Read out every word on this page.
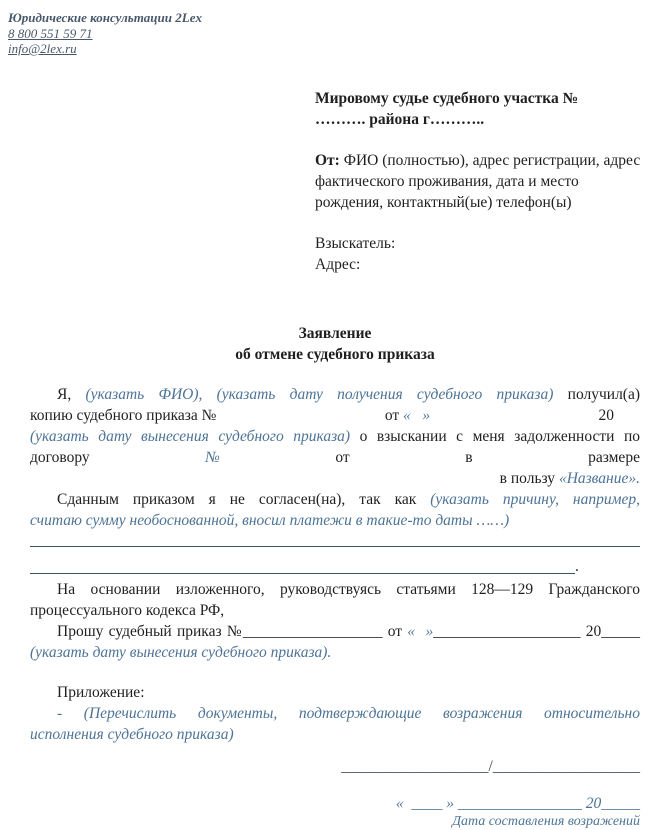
Юридические консультации 2Lex
8 800 551 59 71
info@2lex.ru
Мировому судье судебного участка №
………. района г………..
От: ФИО (полностью), адрес регистрации, адрес фактического проживания, дата и место рождения, контактный(ые) телефон(ы)
Взыскатель:
Адрес:
Заявление
об отмене судебного приказа
Я, (указать ФИО), (указать дату получения судебного приказа) получил(а)
копию судебного приказа №	от «   »	20
(указать дату вынесения судебного приказа) о взыскании с меня задолженности по
договору	№	от	в	размере
в пользу «Название».
Сданным приказом я не согласен(на), так как (указать причину, например,
считаю сумму необоснованной, вносил платежи в такие-то даты ……)
.
На основании изложенного, руководствуясь статьями 128—129 Гражданского
процессуального кодекса РФ,
Прошу судебный приказ №__________________ от «  »___________________ 20_____
(указать дату вынесения судебного приказа).
Приложение:
- (Перечислить документы, подтверждающие возражения относительно
исполнения судебного приказа)
___________________/___________________
«  ____ » ________________ 20_____
Дата составления возражений
